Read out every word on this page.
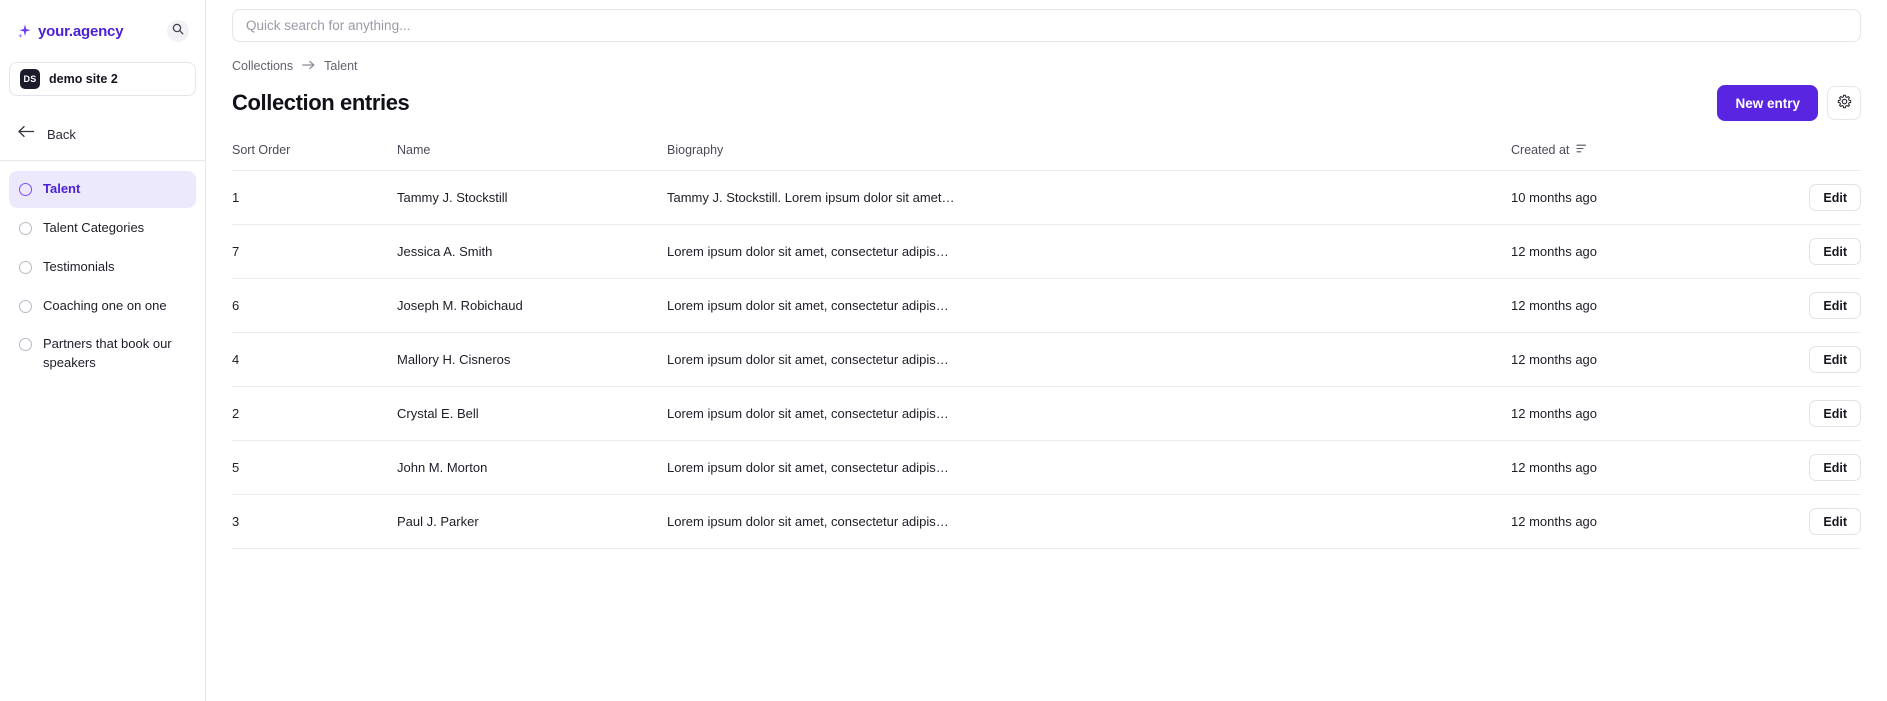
your.agency
DS demo site 2
Back
Talent
Talent Categories
Testimonials
Coaching one on one
Partners that book our speakers
Quick search for anything...
Collections Talent
Collection entries	New entry
Sort Order	Name	Biography	Created at	

1	Tammy J. Stockstill	Tammy J. Stockstill. Lorem ipsum dolor sit amet…	10 months ago	Edit
7	Jessica A. Smith	Lorem ipsum dolor sit amet, consectetur adipis…	12 months ago	Edit
6	Joseph M. Robichaud	Lorem ipsum dolor sit amet, consectetur adipis…	12 months ago	Edit
4	Mallory H. Cisneros	Lorem ipsum dolor sit amet, consectetur adipis…	12 months ago	Edit
2	Crystal E. Bell	Lorem ipsum dolor sit amet, consectetur adipis…	12 months ago	Edit
5	John M. Morton	Lorem ipsum dolor sit amet, consectetur adipis…	12 months ago	Edit
3	Paul J. Parker	Lorem ipsum dolor sit amet, consectetur adipis…	12 months ago	Edit
